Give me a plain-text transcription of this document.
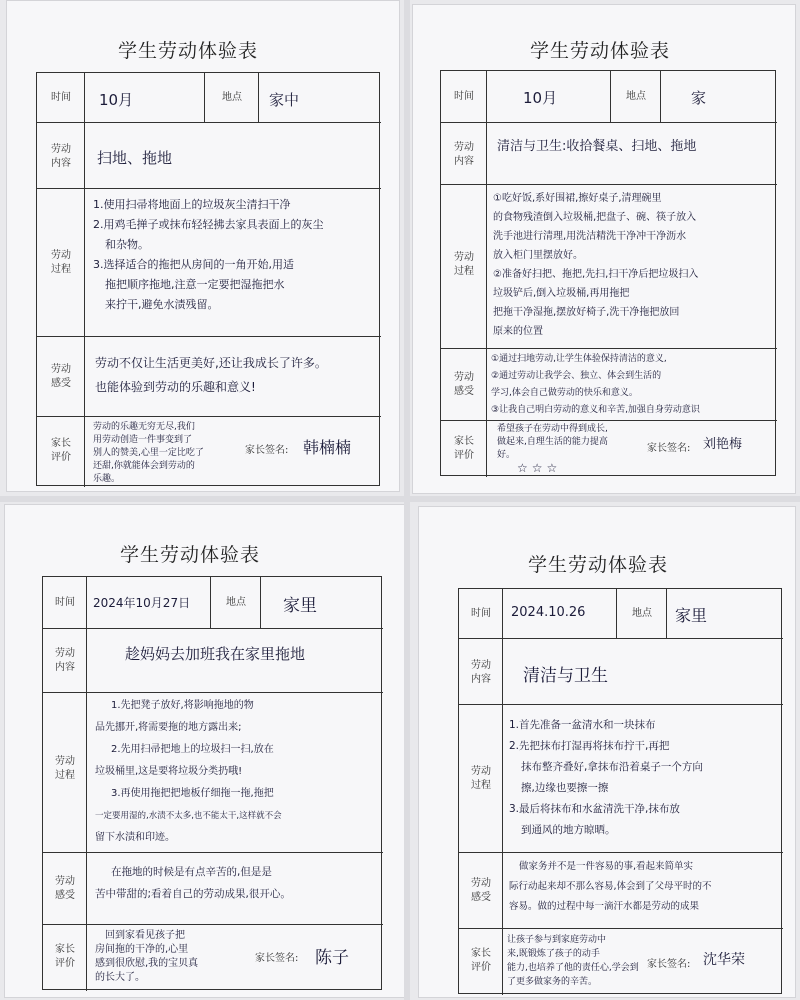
学生劳动体验表
时间	10月	地点	家中
劳动内容 扫地、拖地
劳动过程
1.使用扫帚将地面上的垃圾灰尘清扫干净
2.用鸡毛掸子或抹布轻轻拂去家具表面上的灰尘
和杂物。
3.选择适合的拖把从房间的一角开始,用适
拖把顺序拖地,注意一定要把湿拖把水
来拧干,避免水渍残留。
劳动感受
劳动不仅让生活更美好,还让我成长了许多。
也能体验到劳动的乐趣和意义!
家长评价
劳动的乐趣无穷无尽,我们
用劳动创造一件事变到了
别人的赞美,心里一定比吃了
还甜,你就能体会到劳动的
乐趣。
家长签名: 韩楠楠
学生劳动体验表
时间	10月	地点	家
劳动内容
清洁与卫生:收拾餐桌、扫地、拖地
劳动过程
①吃好饭,系好围裙,擦好桌子,清理碗里
的食物残渣倒入垃圾桶,把盘子、碗、筷子放入
洗手池进行清理,用洗洁精洗干净冲干净沥水
放入柜门里摆放好。
②准备好扫把、拖把,先扫,扫干净后把垃圾扫入
垃圾铲后,倒入垃圾桶,再用拖把
把拖干净湿拖,摆放好椅子,洗干净拖把放回
原来的位置
劳动感受
①通过扫地劳动,让学生体验保持清洁的意义,
②通过劳动让我学会、独立、体会到生活的
学习,体会自己做劳动的快乐和意义。
③让我自己明白劳动的意义和辛苦,加强自身劳动意识
家长评价
希望孩子在劳动中得到成长,
做起来,自理生活的能力提高
好。
☆☆☆
家长签名: 刘艳梅
学生劳动体验表
时间	2024年10月27日	地点	家里
劳动内容
趁妈妈去加班我在家里拖地
劳动过程
1.先把凳子放好,将影响拖地的物
品先挪开,将需要拖的地方露出来;
2.先用扫帚把地上的垃圾扫一扫,放在
垃圾桶里,这是要将垃圾分类扔哦!
3.再使用拖把把地板仔细拖一拖,拖把
一定要用湿的,水渍不太多,也不能太干,这样就不会
留下水渍和印迹。
劳动感受
在拖地的时候是有点辛苦的,但是是
苦中带甜的;看着自己的劳动成果,很开心。
家长评价
回到家看见孩子把
房间拖的干净的,心里
感到很欣慰,我的宝贝真
的长大了。
家长签名: 陈子
学生劳动体验表
时间	2024.10.26	地点	家里
劳动内容 清洁与卫生
劳动过程
1.首先准备一盆清水和一块抹布
2.先把抹布打湿再将抹布拧干,再把
抹布整齐叠好,拿抹布沿着桌子一个方向
擦,边缘也要擦一擦
3.最后将抹布和水盆清洗干净,抹布放
到通风的地方晾晒。
劳动感受
做家务并不是一件容易的事,看起来简单实
际行动起来却不那么容易,体会到了父母平时的不
容易。做的过程中每一滴汗水都是劳动的成果
家长评价
让孩子参与到家庭劳动中
来,既锻炼了孩子的动手
能力,也培养了他的责任心,学会到
了更多做家务的辛苦。
家长签名: 沈华荣
